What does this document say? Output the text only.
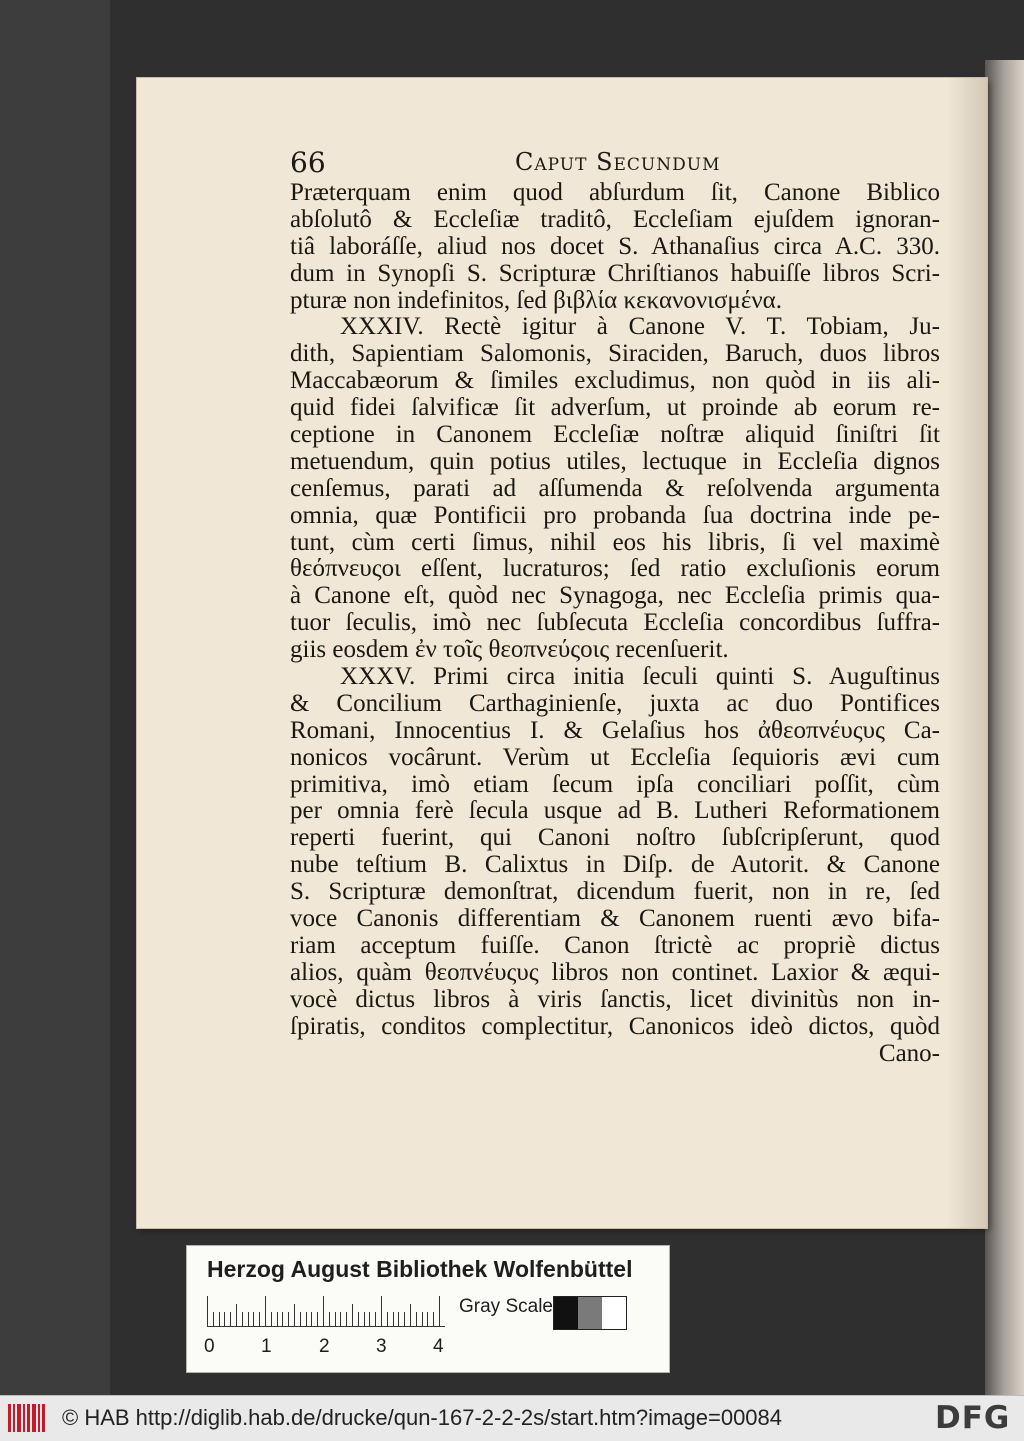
66	Caput Secundum
Præterquam enim quod abſurdum ſit, Canone Biblico
abſolutô & Eccleſiæ traditô, Eccleſiam ejuſdem ignoran-
tiâ laboráſſe, aliud nos docet S. Athanaſius circa A.C. 330.
dum in Synopſi S. Scripturæ Chriſtianos habuiſſe libros Scri-
pturæ non indefinitos, ſed βιβλία κεκανονισμένα.
XXXIV. Rectè igitur à Canone V. T. Tobiam, Ju-
dith, Sapientiam Salomonis, Siraciden, Baruch, duos libros
Maccabæorum & ſimiles excludimus, non quòd in iis ali-
quid fidei ſalvificæ ſit adverſum, ut proinde ab eorum re-
ceptione in Canonem Eccleſiæ noſtræ aliquid ſiniſtri ſit
metuendum, quin potius utiles, lectuque in Eccleſia dignos
cenſemus, parati ad aſſumenda & reſolvenda argumenta
omnia, quæ Pontificii pro probanda ſua doctrina inde pe-
tunt, cùm certi ſimus, nihil eos his libris, ſi vel maximè
θεόπνευςοι eſſent, lucraturos; ſed ratio excluſionis eorum
à Canone eſt, quòd nec Synagoga, nec Eccleſia primis qua-
tuor ſeculis, imò nec ſubſecuta Eccleſia concordibus ſuffra-
giis eosdem ἐν τοῖς θεοπνεύςοις recenſuerit.
XXXV. Primi circa initia ſeculi quinti S. Auguſtinus
& Concilium Carthaginienſe, juxta ac duo Pontifices
Romani, Innocentius I. & Gelaſius hos ἀθεοπνέυςυς Ca-
nonicos vocârunt. Verùm ut Eccleſia ſequioris ævi cum
primitiva, imò etiam ſecum ipſa conciliari poſſit, cùm
per omnia ferè ſecula usque ad B. Lutheri Reformationem
reperti fuerint, qui Canoni noſtro ſubſcripſerunt, quod
nube teſtium B. Calixtus in Diſp. de Autorit. & Canone
S. Scripturæ demonſtrat, dicendum fuerit, non in re, ſed
voce Canonis differentiam & Canonem ruenti ævo bifa-
riam acceptum fuiſſe. Canon ſtrictè ac propriè dictus
alios, quàm θεοπνέυςυς libros non continet. Laxior & æqui-
vocè dictus libros à viris ſanctis, licet divinitùs non in-
ſpiratis, conditos complectitur, Canonicos ideò dictos, quòd
Cano-
Herzog August Bibliothek Wolfenbüttel
0 1 2 3 4
Gray Scale
© HAB http://diglib.hab.de/drucke/qun-167-2-2-2s/start.htm?image=00084	DFG
